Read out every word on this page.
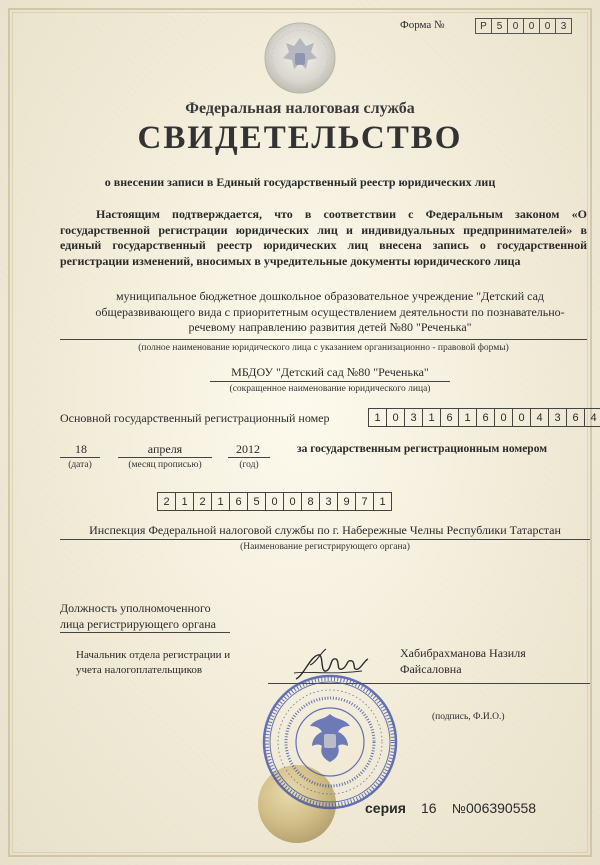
Форма №	Р 5	0	0	0	3
Федеральная налоговая служба
СВИДЕТЕЛЬСТВО
о внесении записи в Единый государственный реестр юридических лиц
Настоящим подтверждается, что в соответствии с Федеральным законом «О государственной регистрации юридических лиц и индивидуальных предпринимателей» в единый государственный реестр юридических лиц внесена запись о государственной регистрации изменений, вносимых в учредительные документы юридического лица
муниципальное бюджетное дошкольное образовательное учреждение "Детский сад
общеразвивающего вида с приоритетным осуществлением деятельности по познавательно-
речевому направлению развития детей №80 "Реченька"
(полное наименование юридического лица с указанием организационно - правовой формы)
МБДОУ "Детский сад №80 "Реченька"
(сокращенное наименование юридического лица)
Основной государственный регистрационный номер	1	0	3	1	6	1	6	0	0	4	3	6	4
18
(дата)
апреля
(месяц прописью)
2012
(год)
за государственным регистрационным номером
2	1	2	1	6	5	0	0	8	3	9	7	1
Инспекция Федеральной налоговой службы по г. Набережные Челны Республики Татарстан
(Наименование регистрирующего органа)
Должность уполномоченного
лица регистрирующего органа
Начальник отдела регистрации и
учета налогоплательщиков
Хабибрахманова Назиля
Файсаловна
(подпись, Ф.И.О.)
серия 16 № 006390558
